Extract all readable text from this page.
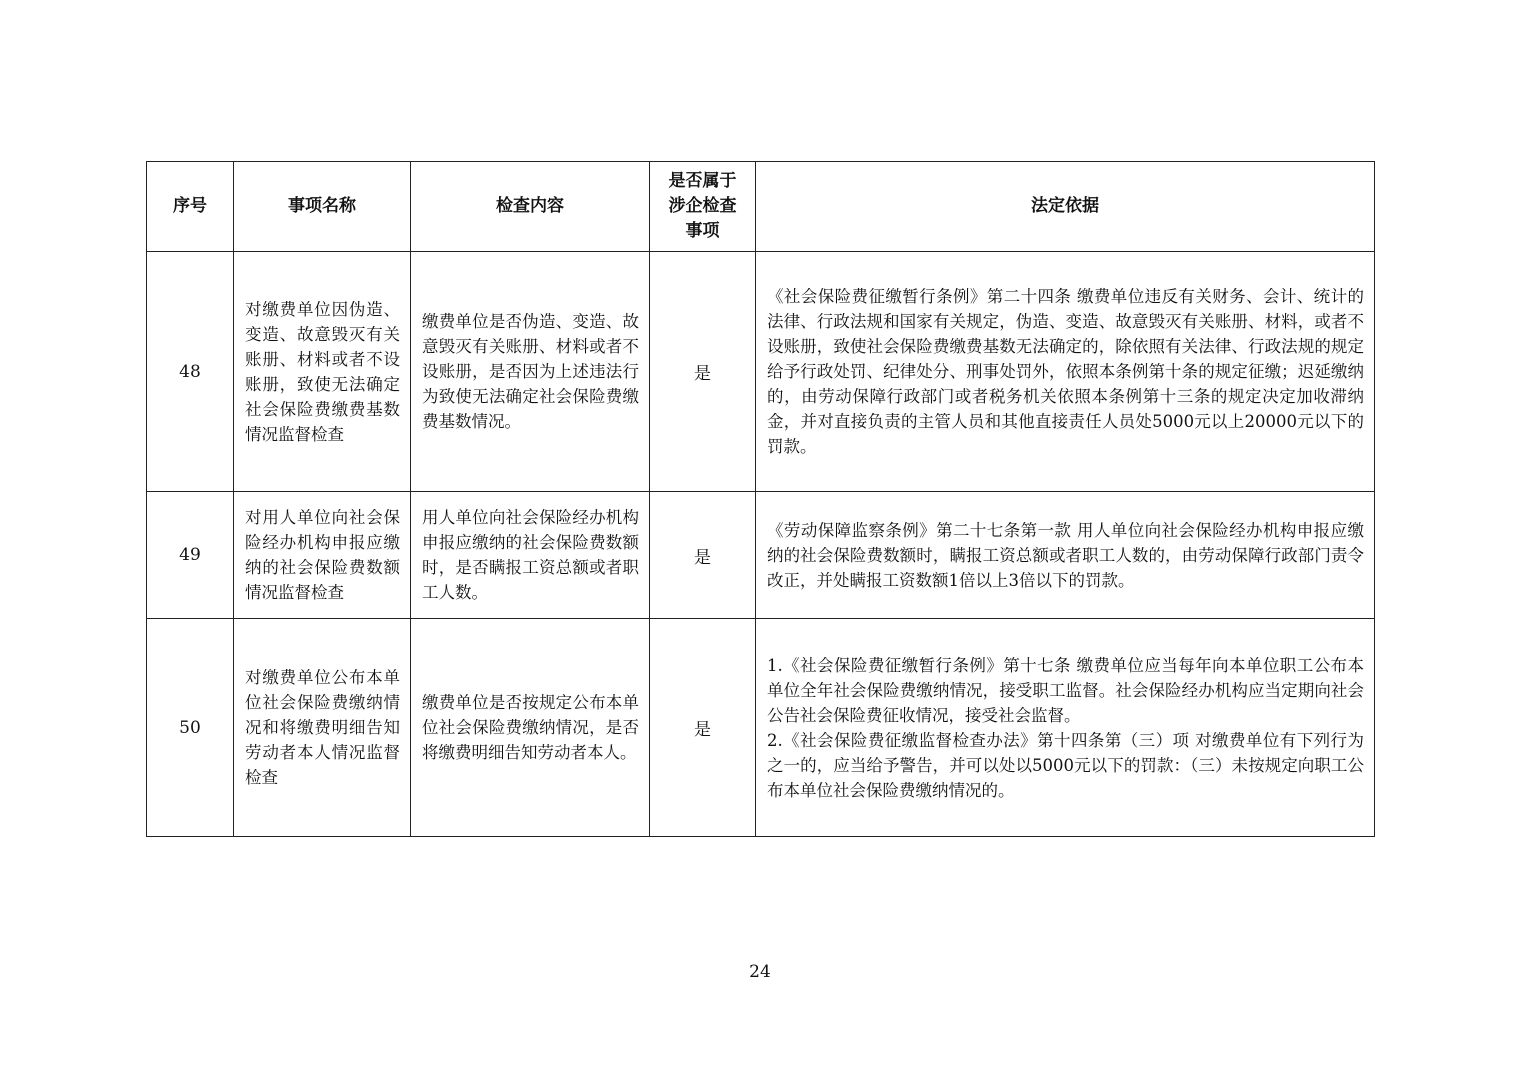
序号	事项名称	检查内容	是否属于涉企检查事项	法定依据
48	对缴费单位因伪造、变造、故意毁灭有关账册、材料或者不设账册，致使无法确定社会保险费缴费基数情况监督检查	缴费单位是否伪造、变造、故意毁灭有关账册、材料或者不设账册，是否因为上述违法行为致使无法确定社会保险费缴费基数情况。	是	《社会保险费征缴暂行条例》第二十四条 缴费单位违反有关财务、会计、统计的法律、行政法规和国家有关规定，伪造、变造、故意毁灭有关账册、材料，或者不设账册，致使社会保险费缴费基数无法确定的，除依照有关法律、行政法规的规定给予行政处罚、纪律处分、刑事处罚外，依照本条例第十条的规定征缴；迟延缴纳的，由劳动保障行政部门或者税务机关依照本条例第十三条的规定决定加收滞纳金，并对直接负责的主管人员和其他直接责任人员处5000元以上20000元以下的罚款。

49	对用人单位向社会保险经办机构申报应缴纳的社会保险费数额情况监督检查	用人单位向社会保险经办机构申报应缴纳的社会保险费数额时，是否瞒报工资总额或者职工人数。	是	《劳动保障监察条例》第二十七条第一款 用人单位向社会保险经办机构申报应缴纳的社会保险费数额时，瞒报工资总额或者职工人数的，由劳动保障行政部门责令改正，并处瞒报工资数额1倍以上3倍以下的罚款。

50	对缴费单位公布本单位社会保险费缴纳情况和将缴费明细告知劳动者本人情况监督检查	缴费单位是否按规定公布本单位社会保险费缴纳情况，是否将缴费明细告知劳动者本人。	是	1.《社会保险费征缴暂行条例》第十七条 缴费单位应当每年向本单位职工公布本单位全年社会保险费缴纳情况，接受职工监督。社会保险经办机构应当定期向社会公告社会保险费征收情况，接受社会监督。
2.《社会保险费征缴监督检查办法》第十四条第（三）项 对缴费单位有下列行为之一的，应当给予警告，并可以处以5000元以下的罚款：（三）未按规定向职工公布本单位社会保险费缴纳情况的。
24
